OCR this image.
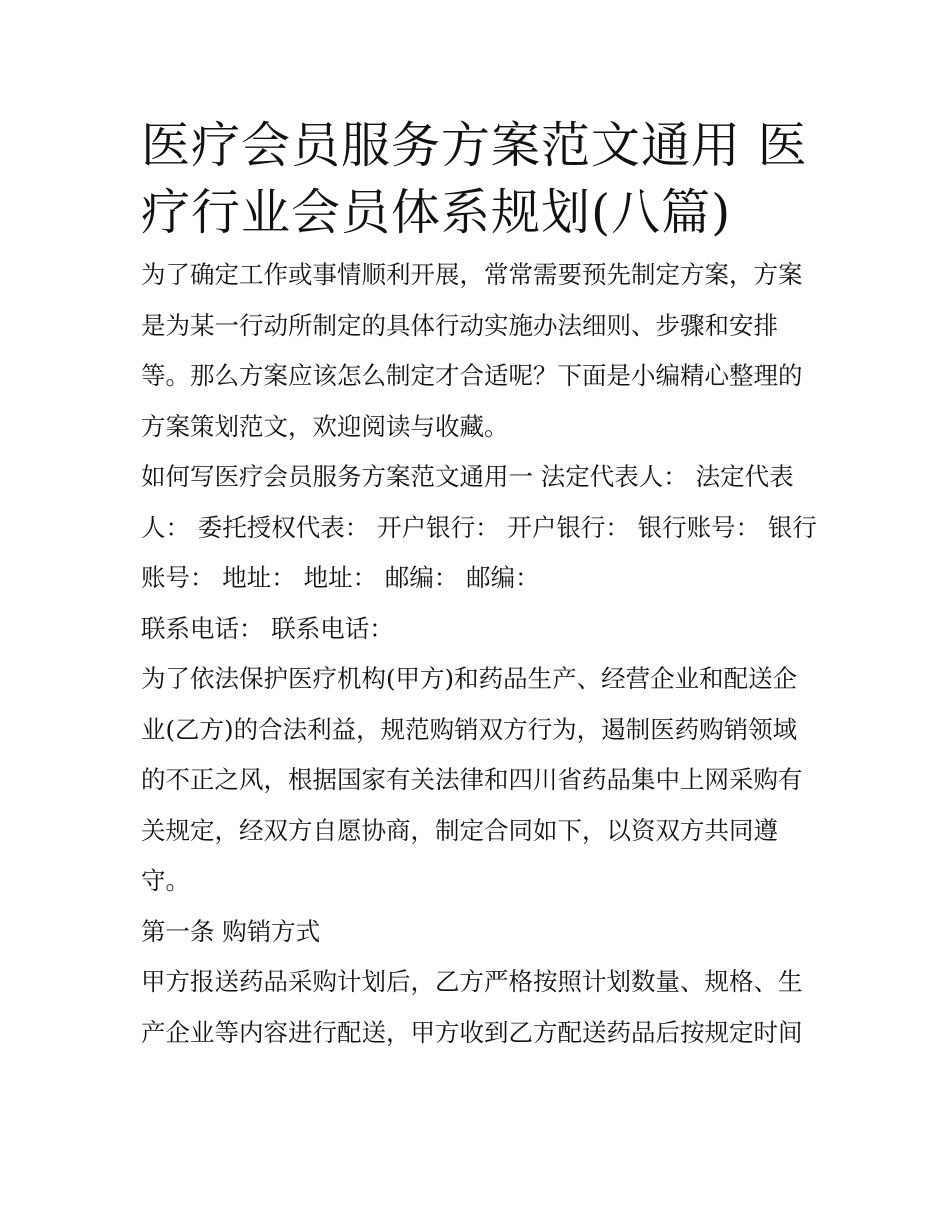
医疗会员服务方案范文通用 医疗行业会员体系规划(八篇)

为了确定工作或事情顺利开展，常常需要预先制定方案，方案是为某一行动所制定的具体行动实施办法细则、步骤和安排等。那么方案应该怎么制定才合适呢？下面是小编精心整理的方案策划范文，欢迎阅读与收藏。

如何写医疗会员服务方案范文通用一 法定代表人： 法定代表人： 委托授权代表： 开户银行： 开户银行： 银行账号： 银行账号： 地址： 地址： 邮编： 邮编：

联系电话： 联系电话：

为了依法保护医疗机构(甲方)和药品生产、经营企业和配送企业(乙方)的合法利益，规范购销双方行为，遏制医药购销领域的不正之风，根据国家有关法律和四川省药品集中上网采购有关规定，经双方自愿协商，制定合同如下，以资双方共同遵守。

第一条 购销方式

甲方报送药品采购计划后，乙方严格按照计划数量、规格、生产企业等内容进行配送，甲方收到乙方配送药品后按规定时间
